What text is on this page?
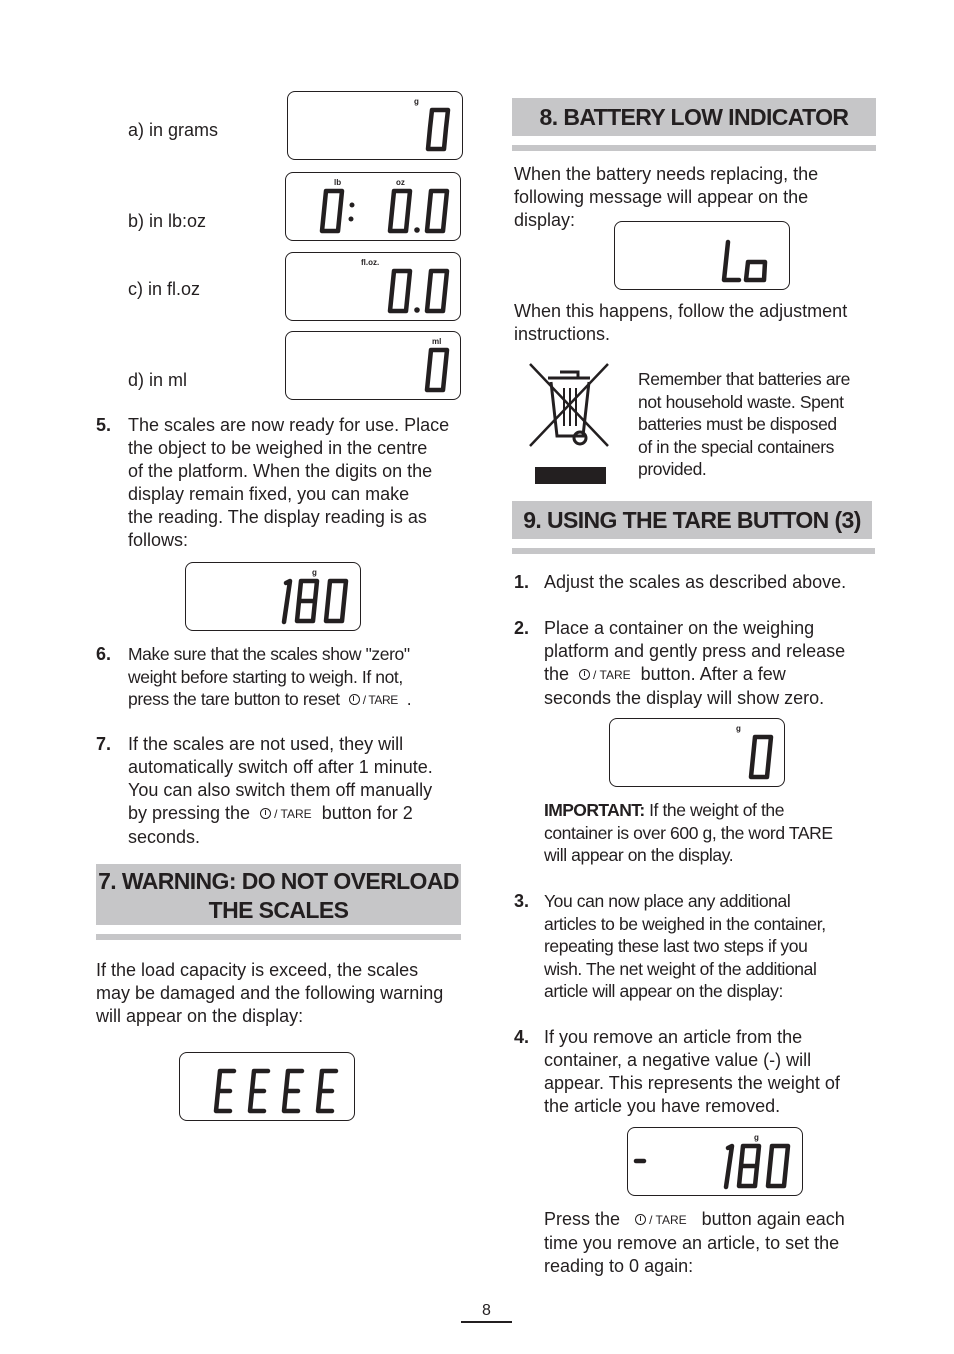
a) in grams
g
b) in lb:oz
lb	oz
c) in fl.oz
fl.oz.
d) in ml
ml
5. The scales are now ready for use. Place
the object to be weighed in the centre
of the platform. When the digits on the
display remain fixed, you can make
the reading. The display reading is as
follows:
g
6. Make sure that the scales show "zero"
weight before starting to weigh. If not,
press the tare button to reset / TARE .
7. If the scales are not used, they will
automatically switch off after 1 minute.
You can also switch them off manually
by pressing the / TARE button for 2
seconds.
7. WARNING: DO NOT OVERLOAD
THE SCALES
If the load capacity is exceed, the scales
may be damaged and the following warning
will appear on the display:
8. BATTERY LOW INDICATOR
When the battery needs replacing, the
following message will appear on the
display:
When this happens, follow the adjustment
instructions.
Remember that batteries are
not household waste. Spent
batteries must be disposed
of in the special containers
provided.
9. USING THE TARE BUTTON (3)
1. Adjust the scales as described above.
2. Place a container on the weighing
platform and gently press and release
the / TARE button. After a few
seconds the display will show zero.
g
IMPORTANT: If the weight of the
container is over 600 g, the word TARE
will appear on the display.
3. You can now place any additional
articles to be weighed in the container,
repeating these last two steps if you
wish. The net weight of the additional
article will appear on the display:
4. If you remove an article from the
container, a negative value (-) will
appear. This represents the weight of
the article you have removed.
g
Press the / TARE button again each
time you remove an article, to set the
reading to 0 again:
8
